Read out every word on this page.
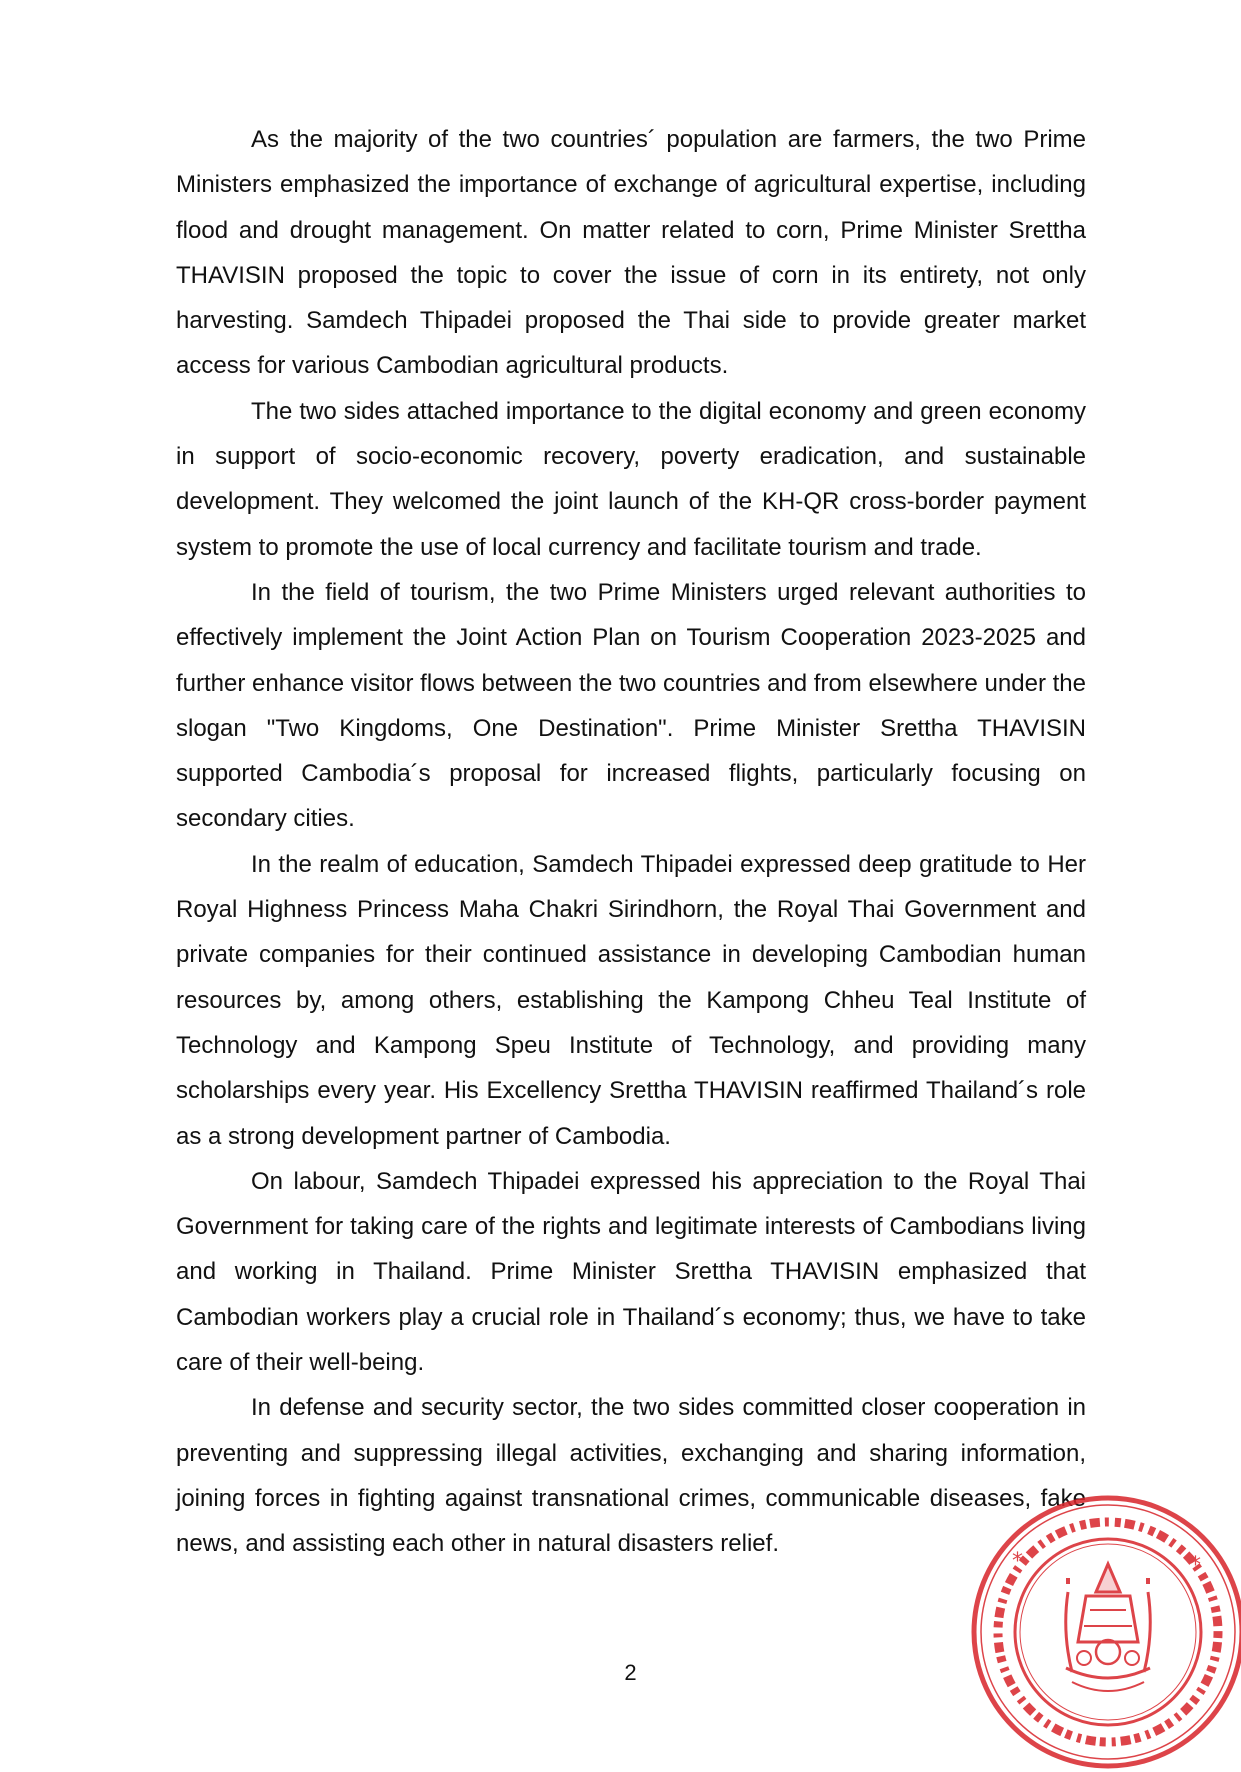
As the majority of the two countries´ population are farmers, the two Prime Ministers emphasized the importance of exchange of agricultural expertise, including flood and drought management. On matter related to corn, Prime Minister Srettha THAVISIN proposed the topic to cover the issue of corn in its entirety, not only harvesting. Samdech Thipadei proposed the Thai side to provide greater market access for various Cambodian agricultural products.

The two sides attached importance to the digital economy and green economy in support of socio-economic recovery, poverty eradication, and sustainable development. They welcomed the joint launch of the KH-QR cross-border payment system to promote the use of local currency and facilitate tourism and trade.

In the field of tourism, the two Prime Ministers urged relevant authorities to effectively implement the Joint Action Plan on Tourism Cooperation 2023-2025 and further enhance visitor flows between the two countries and from elsewhere under the slogan "Two Kingdoms, One Destination". Prime Minister Srettha THAVISIN supported Cambodia´s proposal for increased flights, particularly focusing on secondary cities.

In the realm of education, Samdech Thipadei expressed deep gratitude to Her Royal Highness Princess Maha Chakri Sirindhorn, the Royal Thai Government and private companies for their continued assistance in developing Cambodian human resources by, among others, establishing the Kampong Chheu Teal Institute of Technology and Kampong Speu Institute of Technology, and providing many scholarships every year. His Excellency Srettha THAVISIN reaffirmed Thailand´s role as a strong development partner of Cambodia.

On labour, Samdech Thipadei expressed his appreciation to the Royal Thai Government for taking care of the rights and legitimate interests of Cambodians living and working in Thailand. Prime Minister Srettha THAVISIN emphasized that Cambodian workers play a crucial role in Thailand´s economy; thus, we have to take care of their well-being.

In defense and security sector, the two sides committed closer cooperation in preventing and suppressing illegal activities, exchanging and sharing information, joining forces in fighting against transnational crimes, communicable diseases, fake news, and assisting each other in natural disasters relief.

2
*	*
